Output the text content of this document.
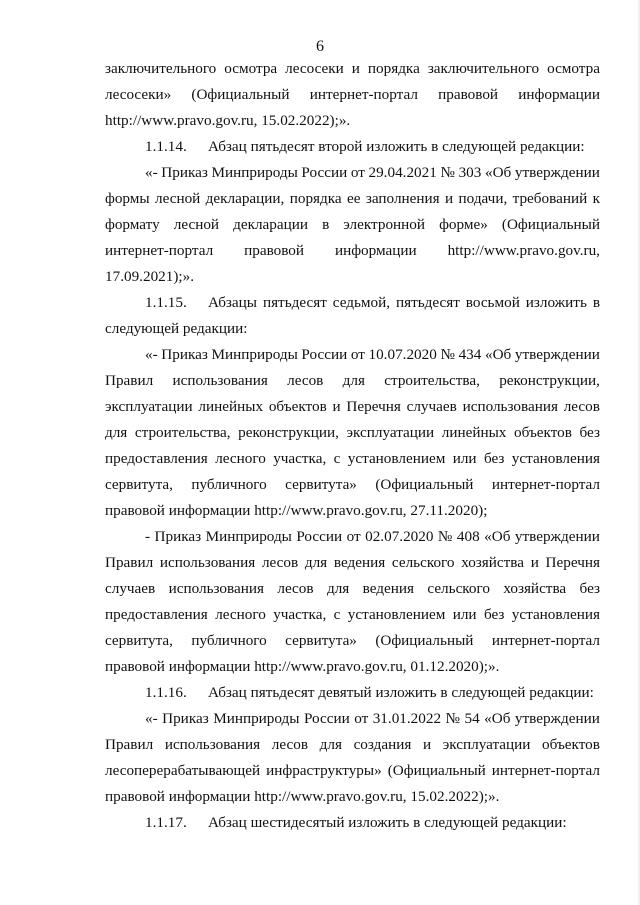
6
заключительного осмотра лесосеки и порядка заключительного осмотра
лесосеки» (Официальный интернет-портал правовой информации
http://www.pravo.gov.ru, 15.02.2022);».
1.1.14. Абзац пятьдесят второй изложить в следующей редакции:
«- Приказ Минприроды России от 29.04.2021 № 303 «Об утверждении
формы лесной декларации, порядка ее заполнения и подачи, требований к
формату лесной декларации в электронной форме» (Официальный
интернет-портал правовой информации http://www.pravo.gov.ru,
17.09.2021);».
1.1.15.	Абзацы пятьдесят седьмой, пятьдесят восьмой изложить в
следующей редакции:
«- Приказ Минприроды России от 10.07.2020 № 434 «Об утверждении
Правил использования лесов для строительства, реконструкции,
эксплуатации линейных объектов и Перечня случаев использования лесов
для строительства, реконструкции, эксплуатации линейных объектов без
предоставления лесного участка, с установлением или без установления
сервитута, публичного сервитута» (Официальный интернет-портал
правовой информации http://www.pravo.gov.ru, 27.11.2020);
- Приказ Минприроды России от 02.07.2020 № 408 «Об утверждении
Правил использования лесов для ведения сельского хозяйства и Перечня
случаев использования лесов для ведения сельского хозяйства без
предоставления лесного участка, с установлением или без установления
сервитута, публичного сервитута» (Официальный интернет-портал
правовой информации http://www.pravo.gov.ru, 01.12.2020);».
1.1.16. Абзац пятьдесят девятый изложить в следующей редакции:
«- Приказ Минприроды России от 31.01.2022 № 54 «Об утверждении
Правил использования лесов для создания и эксплуатации объектов
лесоперерабатывающей инфраструктуры» (Официальный интернет-портал
правовой информации http://www.pravo.gov.ru, 15.02.2022);».
1.1.17. Абзац шестидесятый изложить в следующей редакции:
